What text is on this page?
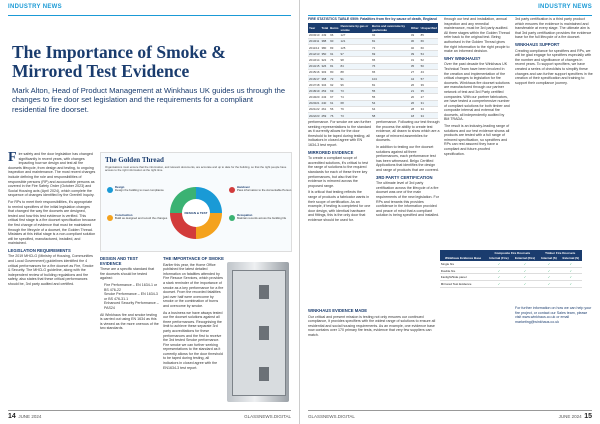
INDUSTRY NEWS
The Importance of Smoke & Mirrored Test Evidence
Mark Alton, Head of Product Management at Winkhaus UK guides us through the changes to fire door set legislation and the requirements for a compliant residential fire doorset.
The Golden Thread
Organisations must ensure that the information, and relevant documents, are accurate and up to date for the building, so that the right people have access to the right information at the right time.
DESIGN & TEST
Design
Design the building to meet compliance
Construction
Build as designed and record the changes
Handover
Pass information to the Accountable Person
Occupation
Maintain records across the building life

Fire safety and fire door legislation has changed significantly in recent years, with changes impacting how we design and test all fire doorsets lifecycle, from design and testing, to ongoing inspection and maintenance. The most recent changes include defining the role and responsibilities of responsible persons (RP) and accountable persons as covered in the Fire Safety Order (October 2023) and Social Housing acts (April 2024), which complete the sequence of changes identified by the Grenfell Inquiry.

For RPs to meet their responsibilities, it's appropriate to remind specifiers of the initial legislation changes that changed the way fire doorsets are designed, tested and how this test evidence is verified. This critical first stage is a fire doorset specification because the first change of evidence that must be maintained through the lifecycle of a doorset, the Golden Thread. Mistakes at this initial stage is a non-compliant solution will be specified, manufactured, installed, and maintained.

LEGISLATION REQUIREMENTS

The 2019 MHCLG (Ministry of Housing, Communities and Local Government) guidelines identified the 4 critical performances for a fire doorset as Fire, Smoke & Security. The MHCLG guideline, along with the independent review of building regulations and fire safety, also states that these critical performances should be, 3rd party audited and certified.

DESIGN AND TEST EVIDENCE

These are a specific standard that fire doorsets should be tested against:

Fire Performance – EN 1634-1 or BS 476-22
Smoke Performance – EN 1634-3 or BS 476-31.1
Enhanced Security Performance – PAS24

All Winkhaus fire and smoke testing is carried out using EN 1634 as this is viewed as the more onerous of the two standards.

THE IMPORTANCE OF SMOKE

Earlier this year, the Home Office published the latest detailed information on fatalities attended by Fire Rescue Services, which provides a stark reminder of the importance of smoke as a key performance for a fire doorset. From the recorded fatalities just over half were overcome by smoke or the combination of burns and overcome by smoke.

As a business we have always tested our fire doorset solutions against all three performances. Recognising the limit to achieve these separate 3rd party accreditations for these performances and the first to receive the 3rd tested Smoke performance. Fire smoke we can further seeking representations to the standard as it currently allows for the door threshold to be taped during testing, all indicators in closed agree with the EN1634-3 test report.

14 JUNE 2024	GLASSNEWS.DIGITAL
INDUSTRY NEWS
FIRE STATISTICS TABLE 0509: Fatalities from fire by cause of death, England
Year	Total	Burns	Overcome by gas or smoke	Burns and overcome by gas/smoke	Other	Unspecified
2009/10	449	96	127	92	49	85
2010/11	388	90	121	81	30	66
2011/12	380	83	125	72	40	60
2012/13	350	91	97	69	39	54
2013/14	322	76	98	65	31	52
2014/15	326	81	84	76	35	50
2015/16	303	80	88	65	27	43
2016/17	368	72	91	104	44	57
2017/18	334	92	96	81	26	39
2018/19	253	69	73	55	21	35
2019/20	243	67	74	55	20	27
2020/21	240	61	68	54	26	31
2021/22	261	56	79	64	28	34
2022/23	259	76	73	58	18	34

performance. For smoke we can further seeking representations to the standard as it currently allows for the door threshold to be taped during testing, all indicators in closed agree with EN 1634-3 test report.

MIRRORED EVIDENCE

To create a compliant scope of accredited solutions, it's critical to test the range of solutions to the required standards for each of these three key performances, but also that the evidence is mirrored across the proposed range.

It is critical that testing reflects the range of products a fabricator wants in their scope of certification. As an example, if testing is completed for one door design, with identical hardware and fittings, this is the only door that evidence should be used for.

performance. Following our test through the process the ability to create test evidence, all drawn to show which are a range of mirrored assemblies for doorsets.

In addition to testing our fire doorset solutions against all three performances, each performance test has been witnessed. Belgo Certified Applications that identifies the design and range of products that are covered.

3RD PARTY CERTIFICATION

The ultimate level of 3rd party certification across the lifecycle of a fire doorset was one of the main requirements of the new legislation. For RPs and tenants this provides confidence in the information provided and peace of mind that a compliant solution is being specified and installed.

through our test and installation, annual inspection and any remedial maintenance, must be 3rd party audited. All three stages within the Golden Thread refer back to the original test. Being authorised in the Golden Thread gives the right information to the right people to make an informed decision.

WHY WINKHAUS?

Over the past decade the Winkhaus UK Technical Team have been involved in the creation and implementation of the critical changes to legislation for fire doorsets. Winkhaus fire doorset solutions are manufactured through our partner network of test and 3rd Party certified companies. With our partner fabricators, we have tested a comprehensive number of compliant solutions for both timber and composite internal and external fire doorsets, all independently audited by BM TRADA.

The result is an industry-leading range of solutions and our test evidence shows all products are tested with a full range of mirrored specification, so specifiers and RPs can rest assured they have a compliant and future-proofed specification.

3rd party certification is a third party product which ensures the evidence is maintained and transferable at every stage. The ultimate aim is that 3rd party certification provides the evidence base for the full lifecycle of a fire doorset.

WINKHAUS SUPPORT

Creating compliance for specifiers and RPs, we will be glad engage for specifiers especially with the number and significance of changes in recent years. To support specifiers, we have created a series of checklists to simplify these changes and can further support specifiers in the creation of their specification and training to support their compliance journey.

	Composite Fire Doorsets		Timber Fire Doorsets	
Winkhaus Evidence Base	Internal (Fire)	External (Fire)	Internal (S)	External (S)
Single fire	✓	✓	✓	✓
Double fire	✓	✓	✓	✓
Fanlight/Side panel	✓	✓	✓	✓
Mirrored Test Evidence	✓	✓	✓	✓
WINKHAUS EVIDENCE MADE

Our critical and present mission is testing not only ensures our continued compliance, it provides specifiers with the widest range of solutions to ensure all residential and social housing requirements. As an example, one evidence base now contains over 170 primary fire tests, evidence that very few suppliers can match.

For further information on how we can help your fire project, or contact our Sales team, please visit www.winkhaus.co.uk or email marketing@winkhaus.co.uk

GLASSNEWS.DIGITAL	JUNE 2024 15
